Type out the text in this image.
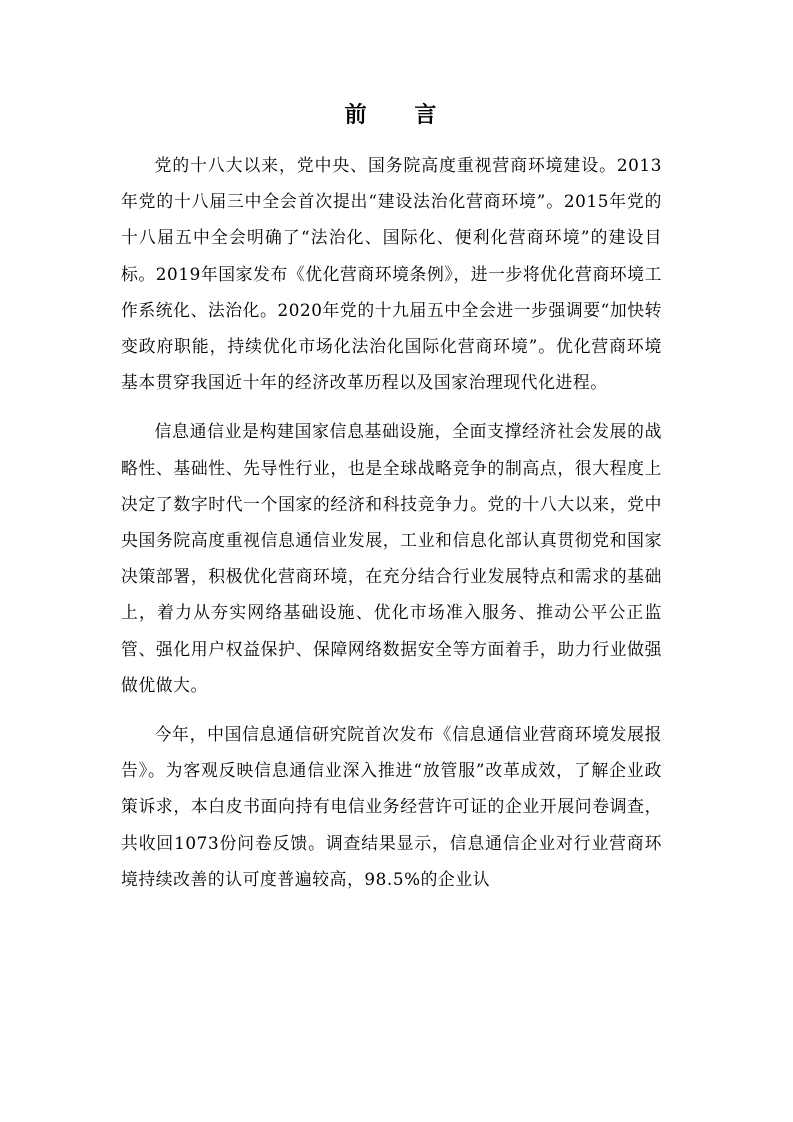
前 言

党的十八大以来，党中央、国务院高度重视营商环境建设。2013年党的十八届三中全会首次提出“建设法治化营商环境”。2015年党的十八届五中全会明确了“法治化、国际化、便利化营商环境”的建设目标。2019年国家发布《优化营商环境条例》，进一步将优化营商环境工作系统化、法治化。2020年党的十九届五中全会进一步强调要“加快转变政府职能，持续优化市场化法治化国际化营商环境”。优化营商环境基本贯穿我国近十年的经济改革历程以及国家治理现代化进程。

信息通信业是构建国家信息基础设施，全面支撑经济社会发展的战略性、基础性、先导性行业，也是全球战略竞争的制高点，很大程度上决定了数字时代一个国家的经济和科技竞争力。党的十八大以来，党中央国务院高度重视信息通信业发展，工业和信息化部认真贯彻党和国家决策部署，积极优化营商环境，在充分结合行业发展特点和需求的基础上，着力从夯实网络基础设施、优化市场准入服务、推动公平公正监管、强化用户权益保护、保障网络数据安全等方面着手，助力行业做强做优做大。

今年，中国信息通信研究院首次发布《信息通信业营商环境发展报告》。为客观反映信息通信业深入推进“放管服”改革成效，了解企业政策诉求，本白皮书面向持有电信业务经营许可证的企业开展问卷调查，共收回1073份问卷反馈。调查结果显示，信息通信企业对行业营商环境持续改善的认可度普遍较高，98.5%的企业认
